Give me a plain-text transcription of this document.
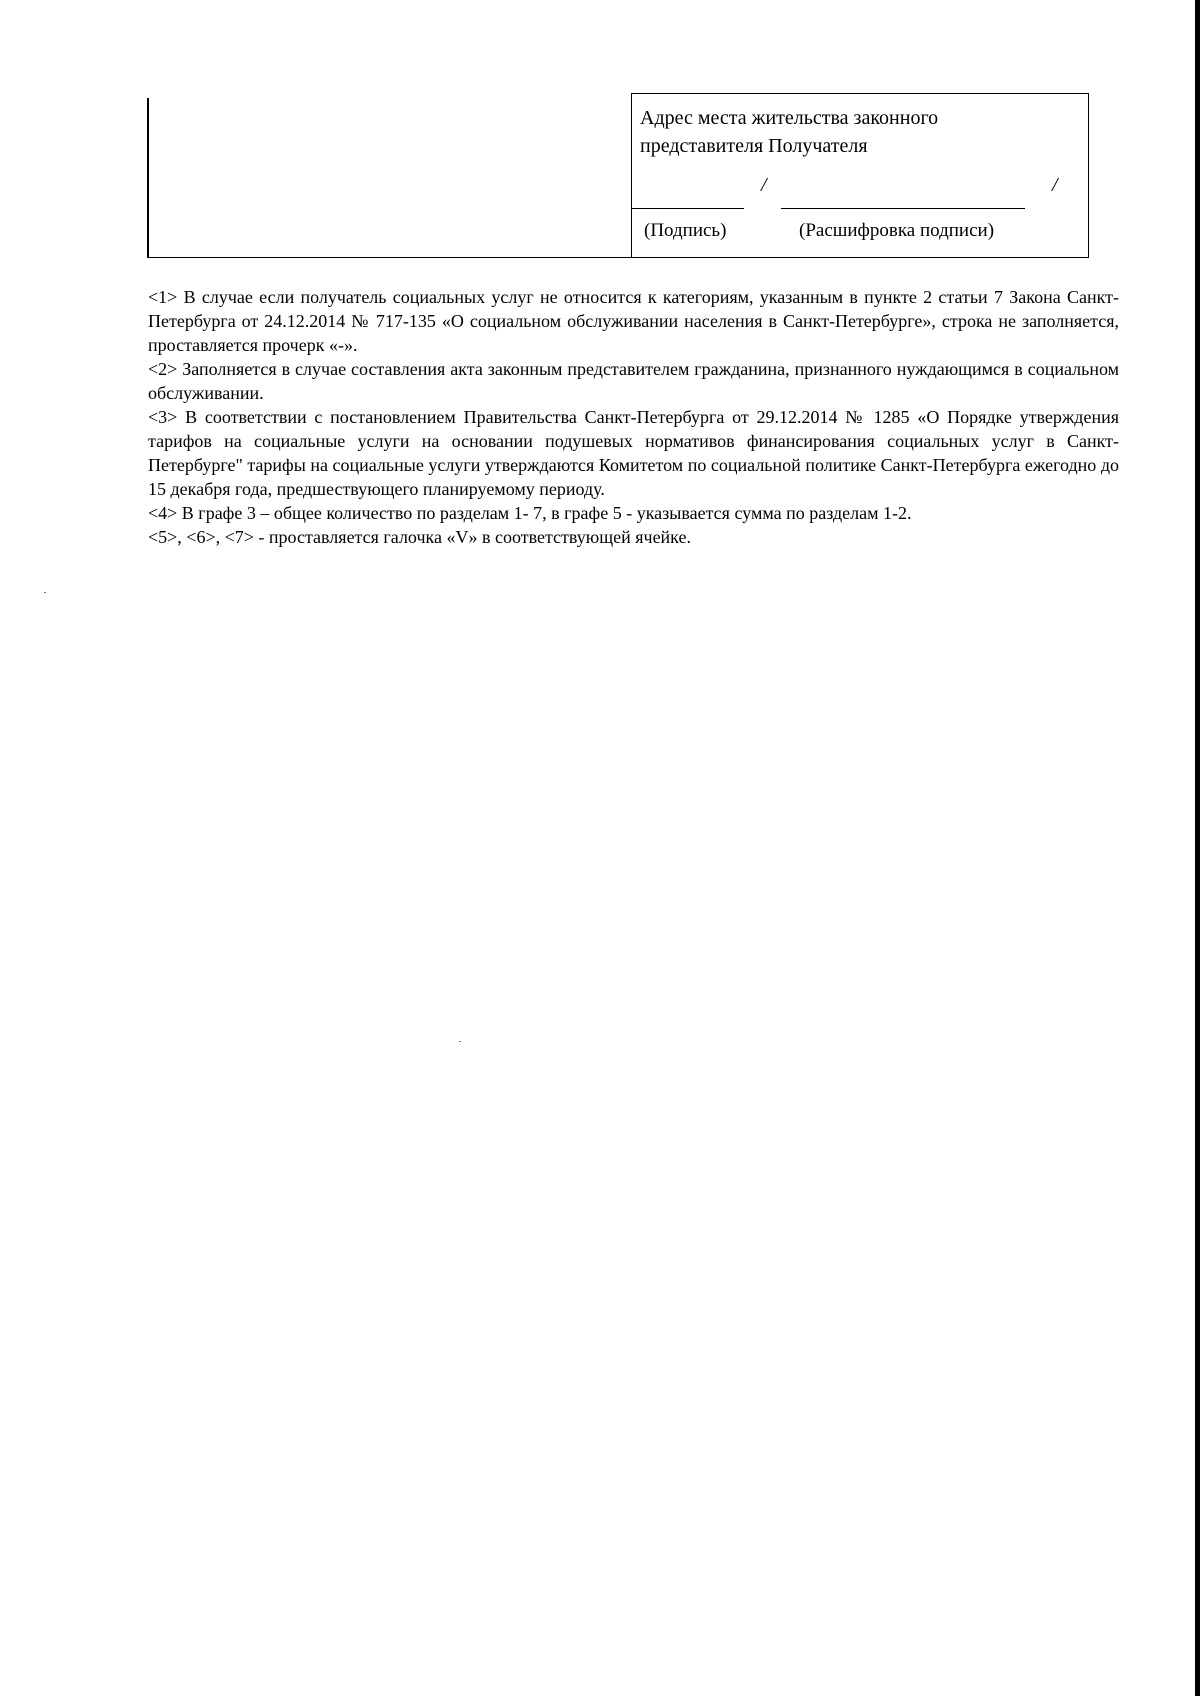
Адрес места жительства законного представителя Получателя
/	/
(Подпись)	(Расшифровка подписи)

<1> В случае если получатель социальных услуг не относится к категориям, указанным в пункте 2 статьи 7 Закона Санкт-Петербурга от 24.12.2014 № 717-135 «О социальном обслуживании населения в Санкт-Петербурге», строка не заполняется, проставляется прочерк «-».

<2> Заполняется в случае составления акта законным представителем гражданина, признанного нуждающимся в социальном обслуживании.

<3> В соответствии с постановлением Правительства Санкт-Петербурга от 29.12.2014 № 1285 «О Порядке утверждения тарифов на социальные услуги на основании подушевых нормативов финансирования социальных услуг в Санкт-Петербурге" тарифы на социальные услуги утверждаются Комитетом по социальной политике Санкт-Петербурга ежегодно до 15 декабря года, предшествующего планируемому периоду.

<4> В графе 3 – общее количество по разделам 1- 7, в графе 5 - указывается сумма по разделам 1-2.

<5>, <6>, <7> - проставляется галочка «V» в соответствующей ячейке.
